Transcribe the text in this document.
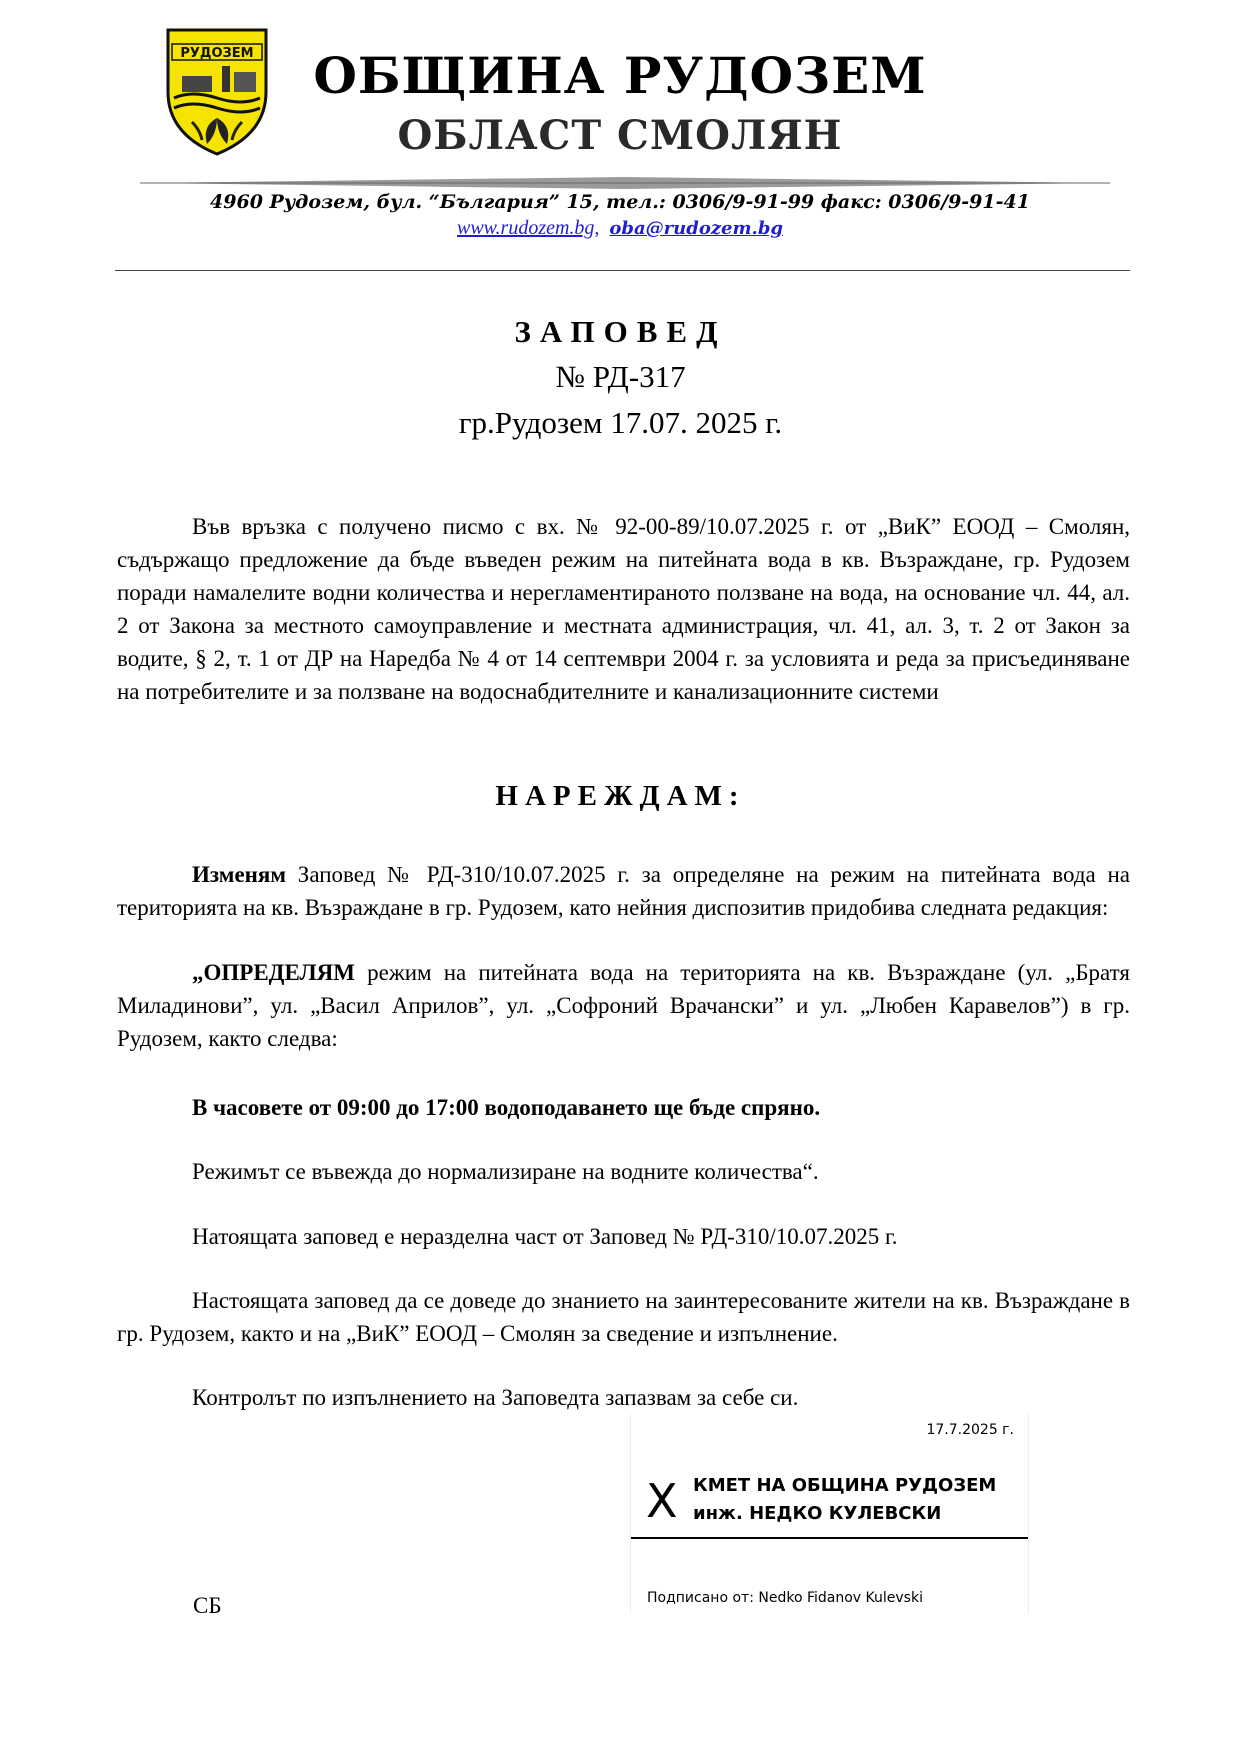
РУДОЗЕМ	ОБЩИНА РУДОЗЕМ
ОБЛАСТ СМОЛЯН
4960 Рудозем, бул. “България” 15, тел.: 0306/9-91-99 факс: 0306/9-91-41
www.rudozem.bg, oba@rudozem.bg
ЗАПОВЕД
№ РД-317
гр.Рудозем 17.07. 2025 г.
Във връзка с получено писмо с вх. № 92-00-89/10.07.2025 г. от „ВиК” ЕООД – Смолян, съдържащо предложение да бъде въведен режим на питейната вода в кв. Възраждане, гр. Рудозем поради намалелите водни количества и нерегламентираното ползване на вода, на основание чл. 44, ал. 2 от Закона за местното самоуправление и местната администрация, чл. 41, ал. 3, т. 2 от Закон за водите, § 2, т. 1 от ДР на Наредба № 4 от 14 септември 2004 г. за условията и реда за присъединяване на потребителите и за ползване на водоснабдителните и канализационните системи
НАРЕЖДАМ:
Изменям Заповед № РД-310/10.07.2025 г. за определяне на режим на питейната вода на територията на кв. Възраждане в гр. Рудозем, като нейния диспозитив придобива следната редакция:
„ОПРЕДЕЛЯМ режим на питейната вода на територията на кв. Възраждане (ул. „Братя Миладинови”, ул. „Васил Априлов”, ул. „Софроний Врачански” и ул. „Любен Каравелов”) в гр. Рудозем, както следва:
В часовете от 09:00 до 17:00 водоподаването ще бъде спряно.
Режимът се въвежда до нормализиране на водните количества“.
Натоящата заповед е неразделна част от Заповед № РД-310/10.07.2025 г.
Настоящата заповед да се доведе до знанието на заинтересованите жители на кв. Възраждане в гр. Рудозем, както и на „ВиК” ЕООД – Смолян за сведение и изпълнение.
Контролът по изпълнението на Заповедта запазвам за себе си.
17.7.2025 г.
X КМЕТ НА ОБЩИНА РУДОЗЕМ
инж. НЕДКО КУЛЕВСКИ
Подписано от: Nedko Fidanov Kulevski
СБ
